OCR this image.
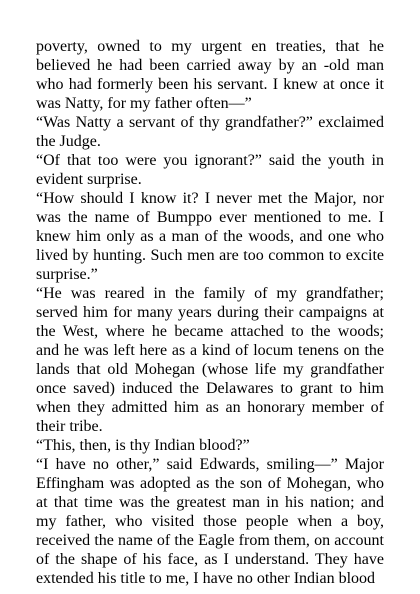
poverty, owned to my urgent en treaties, that he believed he had been carried away by an -old man who had formerly been his servant. I knew at once it was Natty, for my father often—”

“Was Natty a servant of thy grandfather?” exclaimed the Judge.

“Of that too were you ignorant?” said the youth in evident surprise.

“How should I know it? I never met the Major, nor was the name of Bumppo ever mentioned to me. I knew him only as a man of the woods, and one who lived by hunting. Such men are too common to excite surprise.”

“He was reared in the family of my grandfather; served him for many years during their campaigns at the West, where he became attached to the woods; and he was left here as a kind of locum tenens on the lands that old Mohegan (whose life my grandfather once saved) induced the Delawares to grant to him when they admitted him as an honorary member of their tribe.

“This, then, is thy Indian blood?”

“I have no other,” said Edwards, smiling—” Major Effingham was adopted as the son of Mohegan, who at that time was the greatest man in his nation; and my father, who visited those people when a boy, received the name of the Eagle from them, on account of the shape of his face, as I understand. They have extended his title to me, I have no other Indian blood
